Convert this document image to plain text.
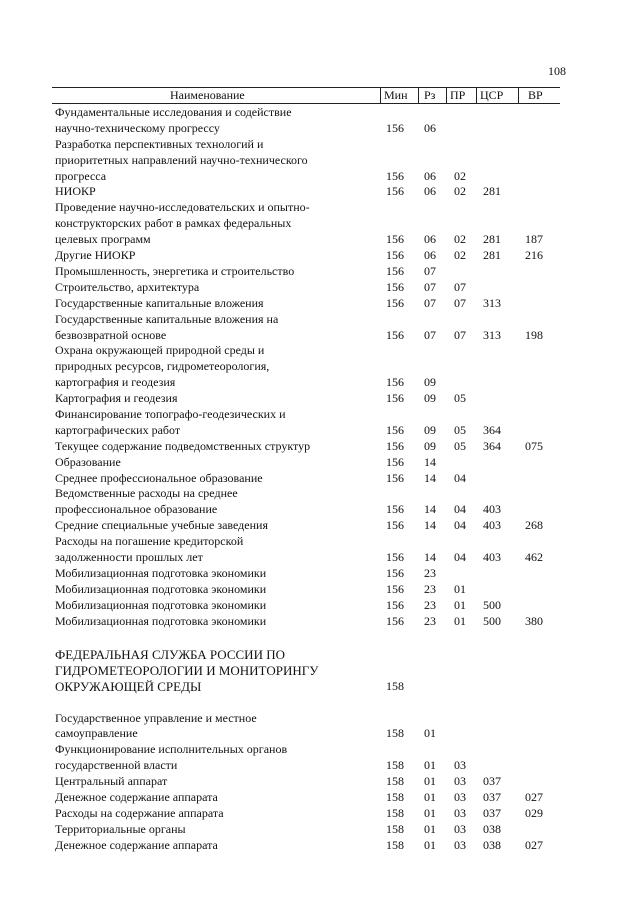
108
Наименование	Мин Рз ПР ЦСР ВР
Фундаментальные исследования и содействие
научно-техническому прогрессу	156 06
Разработка перспективных технологий и
приоритетных направлений научно-технического
прогресса	156 06 02
НИОКР	156 06 02 281
Проведение научно-исследовательских и опытно-
конструкторских работ в рамках федеральных
целевых программ	156 06 02 281 187
Другие НИОКР	156 06 02 281 216
Промышленность, энергетика и строительство	156 07
Строительство, архитектура	156 07 07
Государственные капитальные вложения	156 07 07 313
Государственные капитальные вложения на
безвозвратной основе	156 07 07 313 198
Охрана окружающей природной среды и
природных ресурсов, гидрометеорология,
картография и геодезия	156 09
Картография и геодезия	156 09 05
Финансирование топографо-геодезических и
картографических работ	156 09 05 364
Текущее содержание подведомственных структур	156 09 05 364 075
Образование	156 14
Среднее профессиональное образование	156 14 04
Ведомственные расходы на среднее
профессиональное образование	156 14 04 403
Средние специальные учебные заведения	156 14 04 403 268
Расходы на погашение кредиторской
задолженности прошлых лет	156 14 04 403 462
Мобилизационная подготовка экономики	156 23
Мобилизационная подготовка экономики	156 23 01
Мобилизационная подготовка экономики	156 23 01 500
Мобилизационная подготовка экономики	156 23 01 500 380
ФЕДЕРАЛЬНАЯ СЛУЖБА РОССИИ ПО
ГИДРОМЕТЕОРОЛОГИИ И МОНИТОРИНГУ
ОКРУЖАЮЩЕЙ СРЕДЫ	158
Государственное управление и местное
самоуправление	158 01
Функционирование исполнительных органов
государственной власти	158 01 03
Центральный аппарат	158 01 03 037
Денежное содержание аппарата	158 01 03 037 027
Расходы на содержание аппарата	158 01 03 037 029
Территориальные органы	158 01 03 038
Денежное содержание аппарата	158 01 03 038 027
